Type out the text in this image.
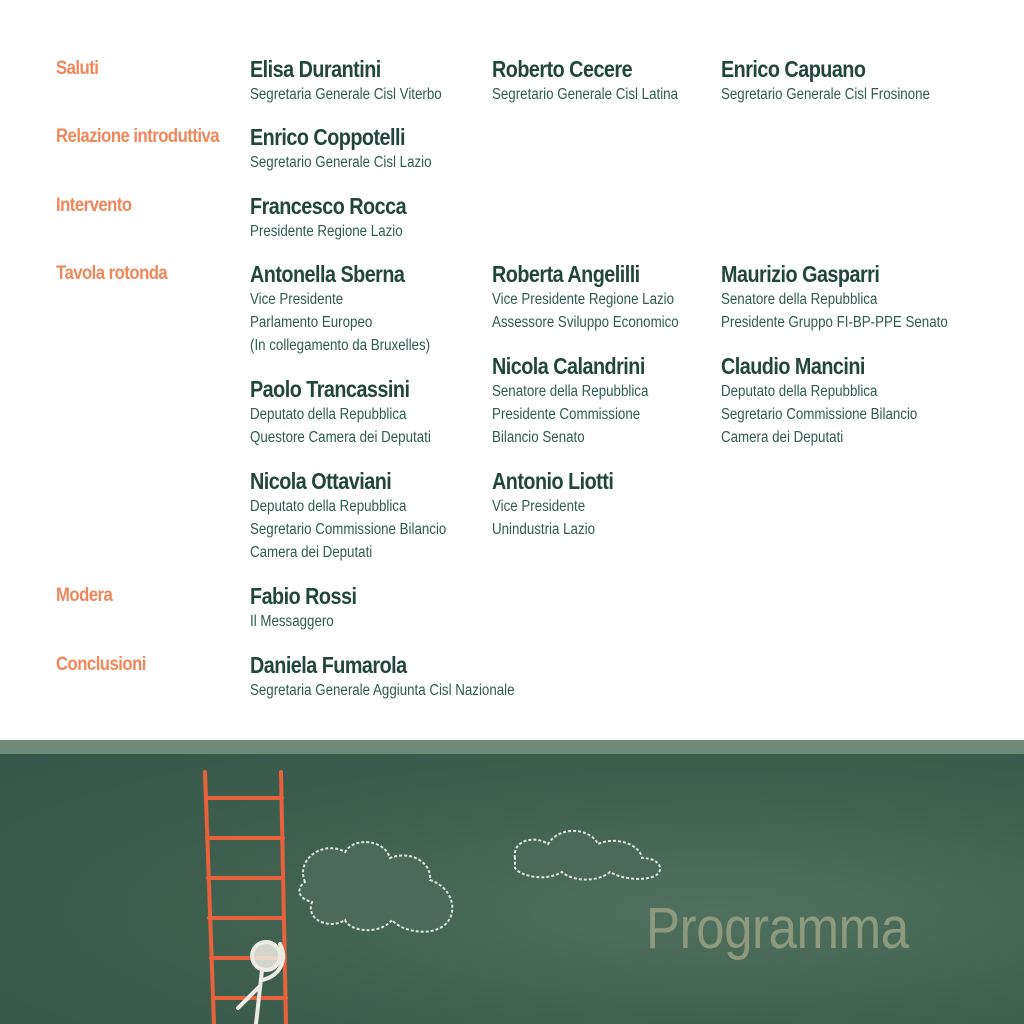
Saluti
Relazione introduttiva
Intervento
Tavola rotonda
Modera
Conclusioni
Elisa Durantini
Segretaria Generale Cisl Viterbo
Roberto Cecere
Segretario Generale Cisl Latina
Enrico Capuano
Segretario Generale Cisl Frosinone
Enrico Coppotelli
Segretario Generale Cisl Lazio
Francesco Rocca
Presidente Regione Lazio
Antonella Sberna
Vice Presidente
Parlamento Europeo
(In collegamento da Bruxelles)
Roberta Angelilli
Vice Presidente Regione Lazio
Assessore Sviluppo Economico
Maurizio Gasparri
Senatore della Repubblica
Presidente Gruppo FI-BP-PPE Senato
Paolo Trancassini
Deputato della Repubblica
Questore Camera dei Deputati
Nicola Calandrini
Senatore della Repubblica
Presidente Commissione
Bilancio Senato
Claudio Mancini
Deputato della Repubblica
Segretario Commissione Bilancio
Camera dei Deputati
Nicola Ottaviani
Deputato della Repubblica
Segretario Commissione Bilancio
Camera dei Deputati
Antonio Liotti
Vice Presidente
Unindustria Lazio
Fabio Rossi
Il Messaggero
Daniela Fumarola
Segretaria Generale Aggiunta Cisl Nazionale
Programma
